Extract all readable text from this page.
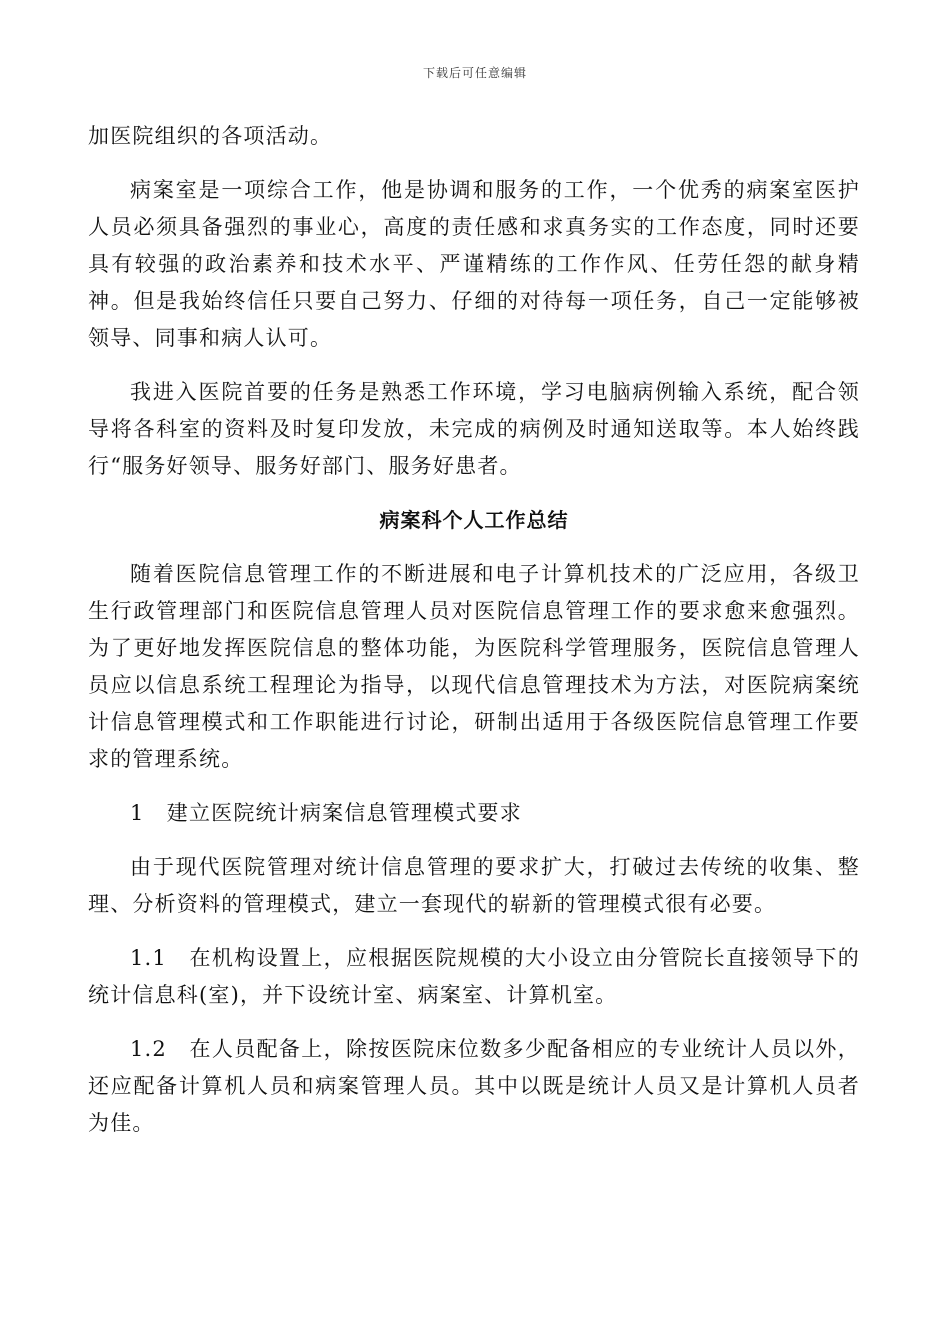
下载后可任意编辑

加医院组织的各项活动。

病案室是一项综合工作，他是协调和服务的工作，一个优秀的病案室医护人员必须具备强烈的事业心，高度的责任感和求真务实的工作态度，同时还要具有较强的政治素养和技术水平、严谨精练的工作作风、任劳任怨的献身精神。但是我始终信任只要自己努力、仔细的对待每一项任务，自己一定能够被领导、同事和病人认可。

我进入医院首要的任务是熟悉工作环境，学习电脑病例输入系统，配合领导将各科室的资料及时复印发放，未完成的病例及时通知送取等。本人始终践行“服务好领导、服务好部门、服务好患者。

病案科个人工作总结

随着医院信息管理工作的不断进展和电子计算机技术的广泛应用，各级卫生行政管理部门和医院信息管理人员对医院信息管理工作的要求愈来愈强烈。为了更好地发挥医院信息的整体功能，为医院科学管理服务，医院信息管理人员应以信息系统工程理论为指导，以现代信息管理技术为方法，对医院病案统计信息管理模式和工作职能进行讨论，研制出适用于各级医院信息管理工作要求的管理系统。

1　建立医院统计病案信息管理模式要求

由于现代医院管理对统计信息管理的要求扩大，打破过去传统的收集、整理、分析资料的管理模式，建立一套现代的崭新的管理模式很有必要。

1.1　在机构设置上，应根据医院规模的大小设立由分管院长直接领导下的统计信息科(室)，并下设统计室、病案室、计算机室。

1.2　在人员配备上，除按医院床位数多少配备相应的专业统计人员以外，还应配备计算机人员和病案管理人员。其中以既是统计人员又是计算机人员者为佳。
